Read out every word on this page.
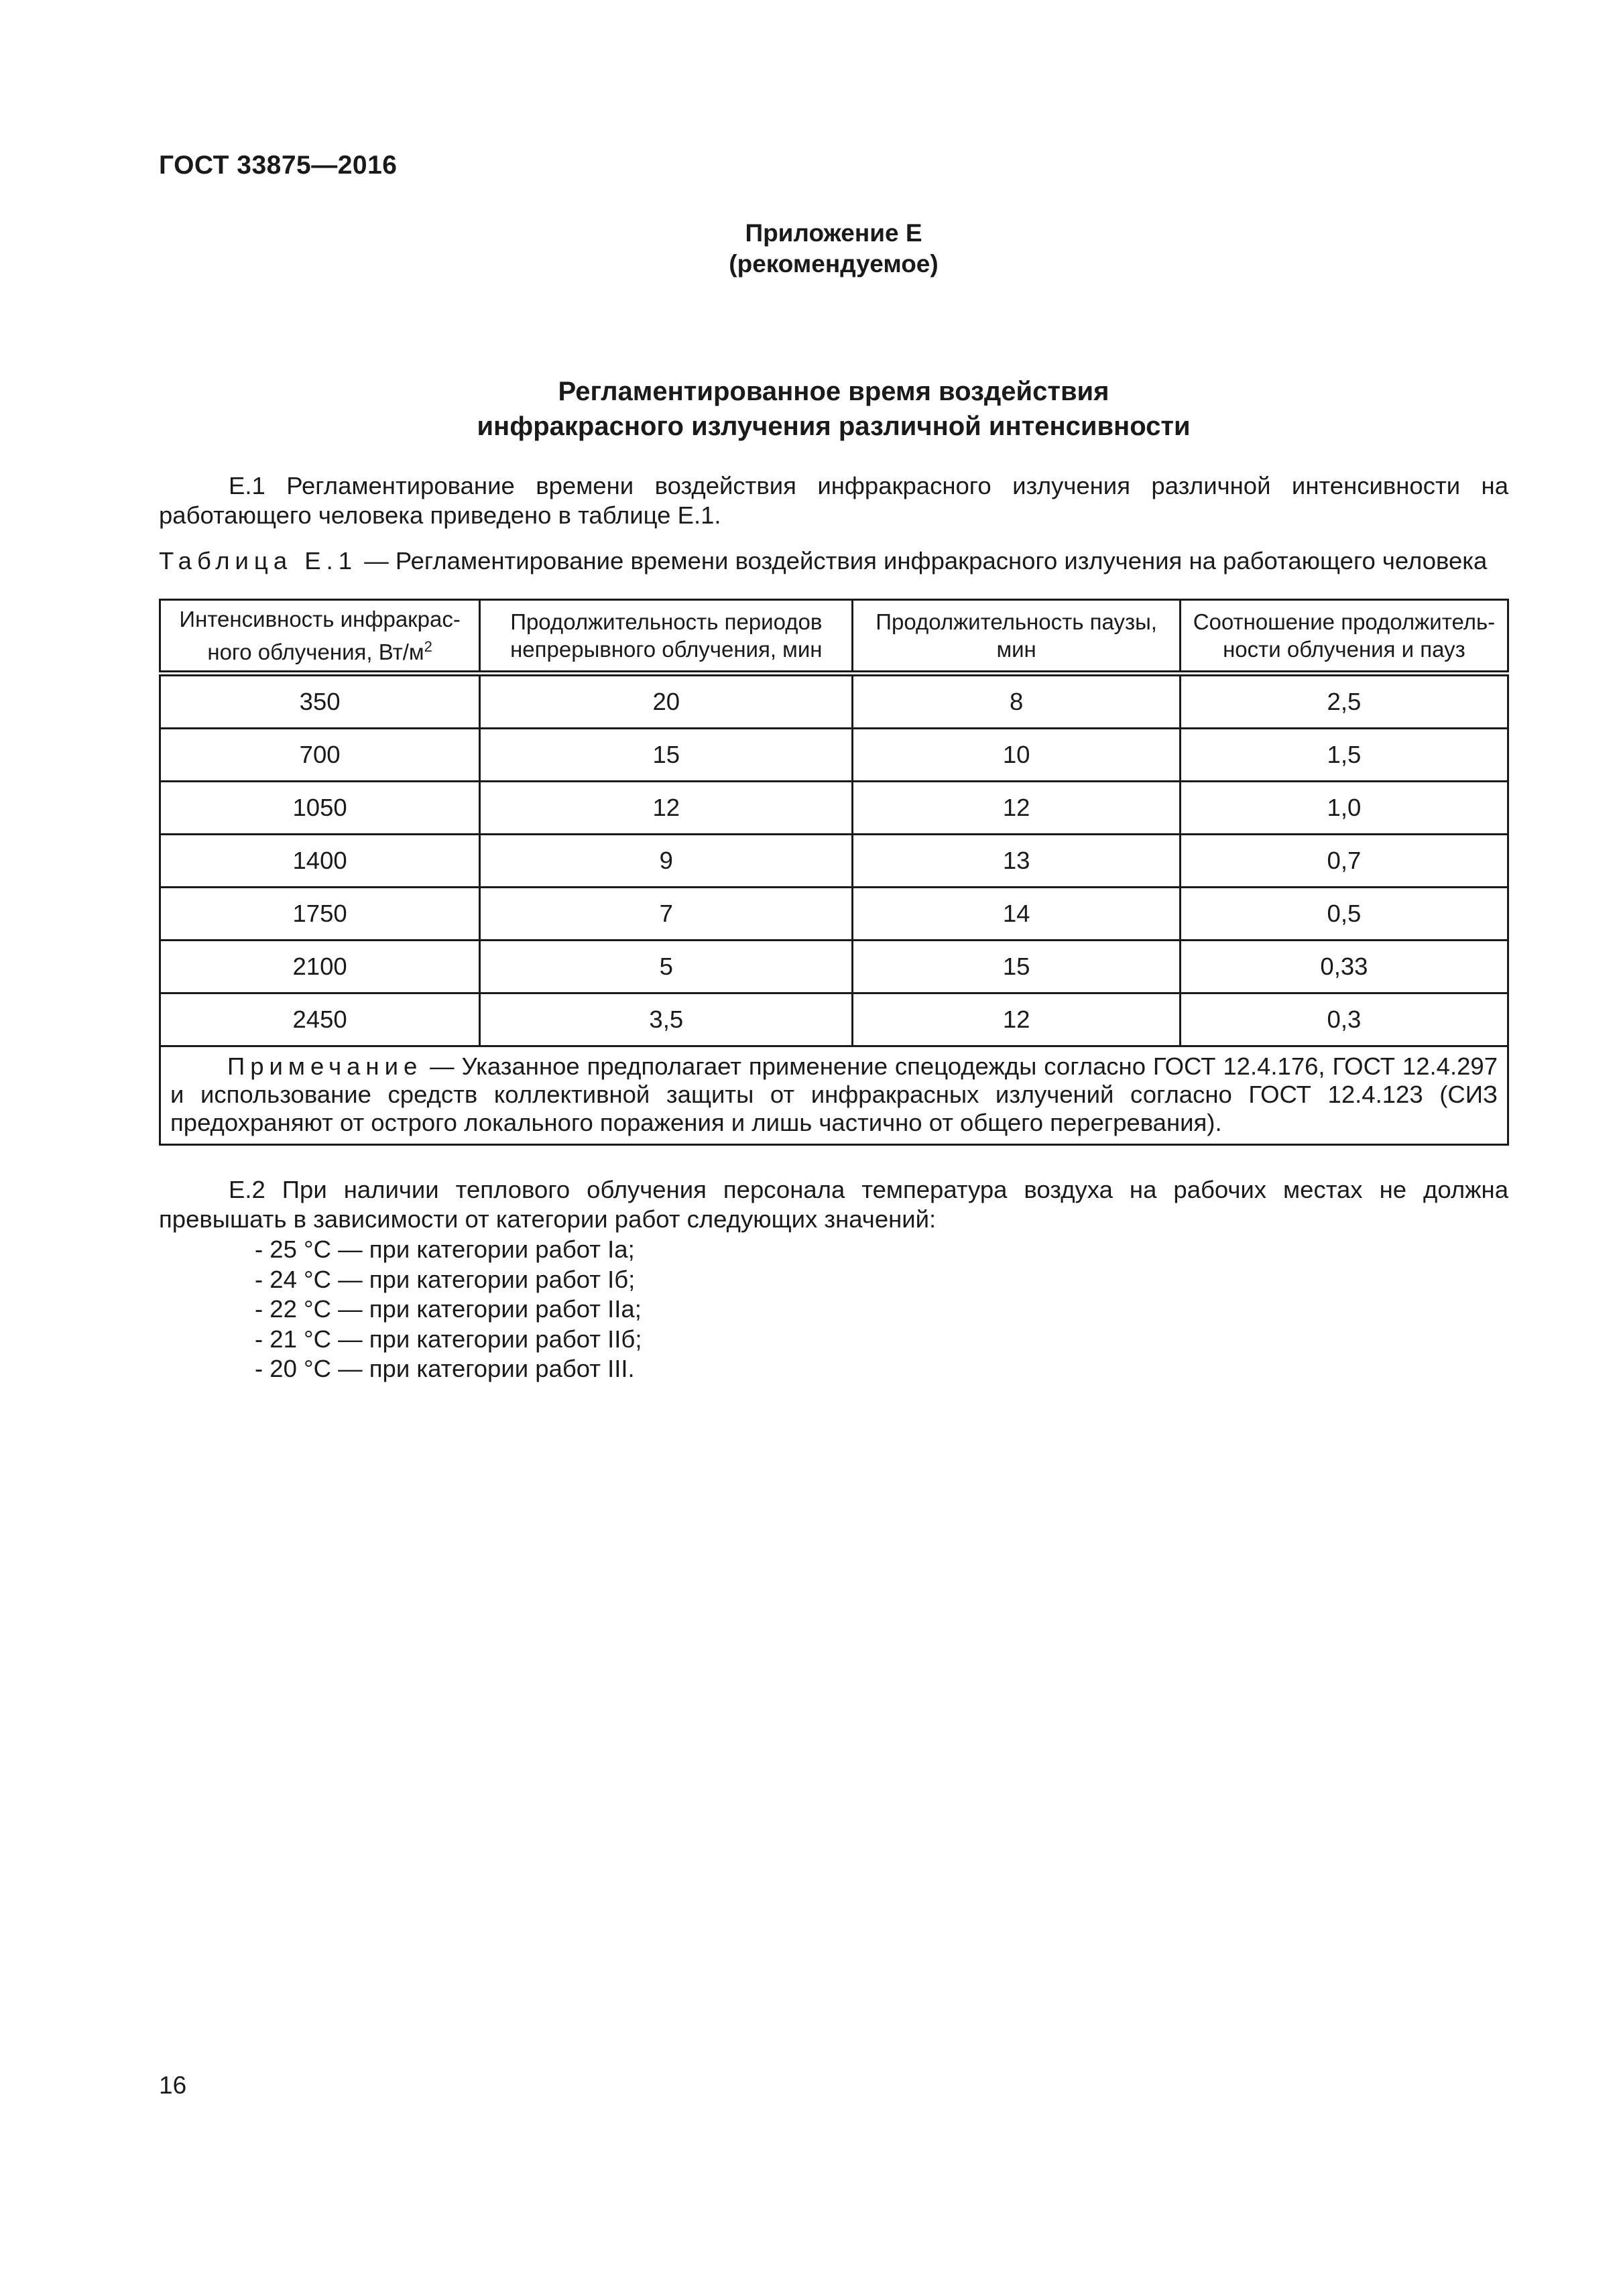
ГОСТ 33875—2016
Приложение Е
(рекомендуемое)
Регламентированное время воздействия
инфракрасного излучения различной интенсивности
Е.1 Регламентирование времени воздействия инфракрасного излучения различной интенсивности на работающего человека приведено в таблице Е.1.
Таблица Е.1 — Регламентирование времени воздействия инфракрасного излучения на работающего человека
Интенсивность инфракрас-ного облучения, $Вт/м^2$	Продолжительность периодов непрерывного облучения, мин	Продолжительность паузы, мин	Соотношение продолжитель-ности облучения и пауз
350	20	8	2,5
700	15	10	1,5
1050	12	12	1,0
1400	9	13	0,7
1750	7	14	0,5
2100	5	15	0,33
2450	3,5	12	0,3
Примечание — Указанное предполагает применение спецодежды согласно ГОСТ 12.4.176, ГОСТ 12.4.297 и использование средств коллективной защиты от инфракрасных излучений согласно ГОСТ 12.4.123 (СИЗ предохраняют от острого локального поражения и лишь частично от общего перегревания).			
Е.2 При наличии теплового облучения персонала температура воздуха на рабочих местах не должна превышать в зависимости от категории работ следующих значений:
- 25 °С — при категории работ Iа;
- 24 °С — при категории работ Iб;
- 22 °С — при категории работ IIа;
- 21 °С — при категории работ IIб;
- 20 °С — при категории работ III.
16
